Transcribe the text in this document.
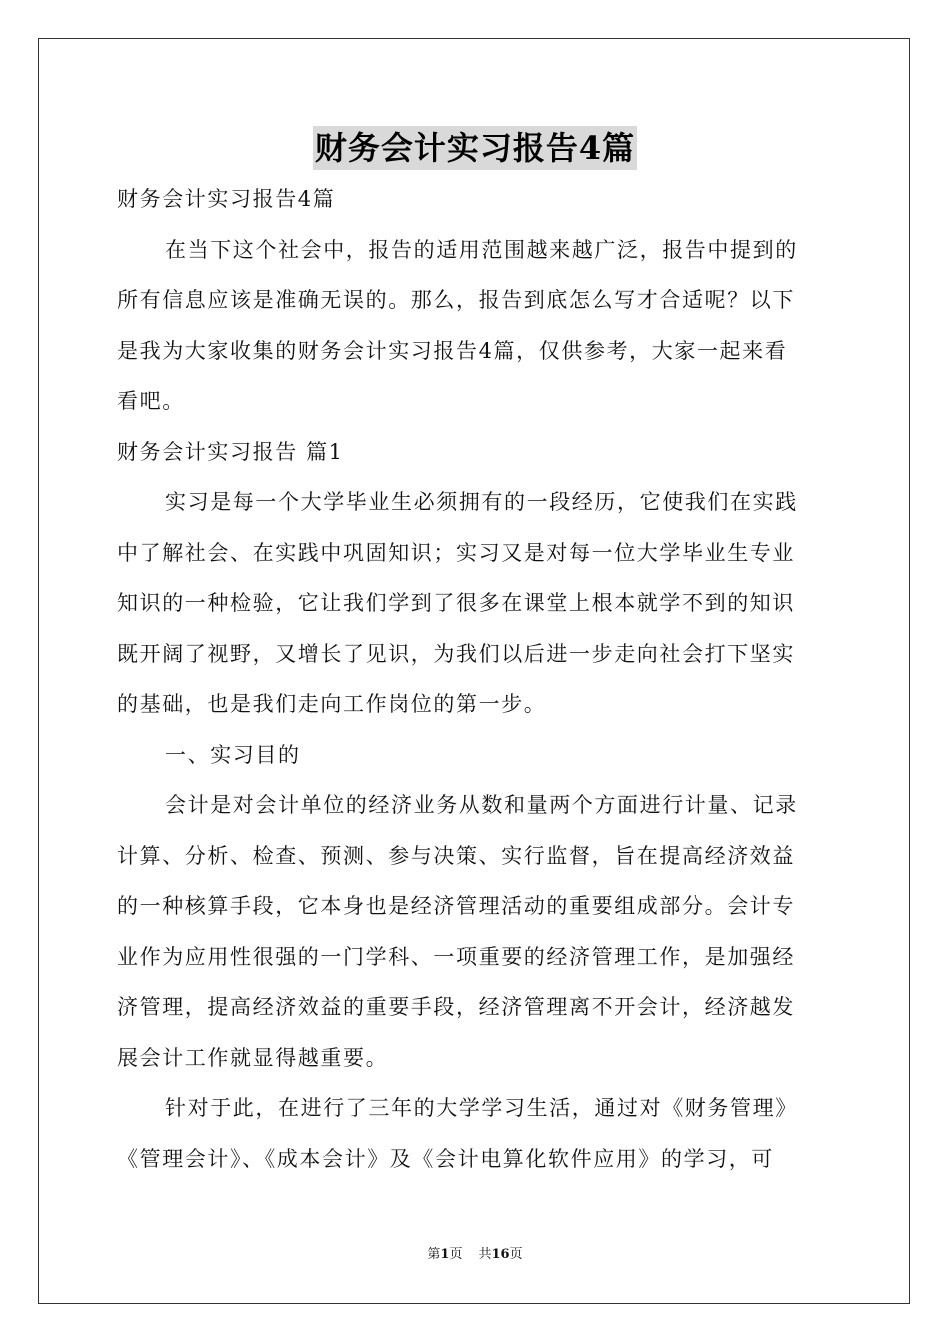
财务会计实习报告4篇
财务会计实习报告4篇
在当下这个社会中，报告的适用范围越来越广泛，报告中提到的
所有信息应该是准确无误的。那么，报告到底怎么写才合适呢？以下
是我为大家收集的财务会计实习报告4篇，仅供参考，大家一起来看
看吧。
财务会计实习报告 篇1
实习是每一个大学毕业生必须拥有的一段经历，它使我们在实践
中了解社会、在实践中巩固知识；实习又是对每一位大学毕业生专业
知识的一种检验，它让我们学到了很多在课堂上根本就学不到的知识
既开阔了视野，又增长了见识，为我们以后进一步走向社会打下坚实
的基础，也是我们走向工作岗位的第一步。
一、实习目的
会计是对会计单位的经济业务从数和量两个方面进行计量、记录
计算、分析、检查、预测、参与决策、实行监督，旨在提高经济效益
的一种核算手段，它本身也是经济管理活动的重要组成部分。会计专
业作为应用性很强的一门学科、一项重要的经济管理工作，是加强经
济管理，提高经济效益的重要手段，经济管理离不开会计，经济越发
展会计工作就显得越重要。
针对于此，在进行了三年的大学学习生活，通过对《财务管理》
《管理会计》、《成本会计》及《会计电算化软件应用》的学习，可
第1页 共16页
